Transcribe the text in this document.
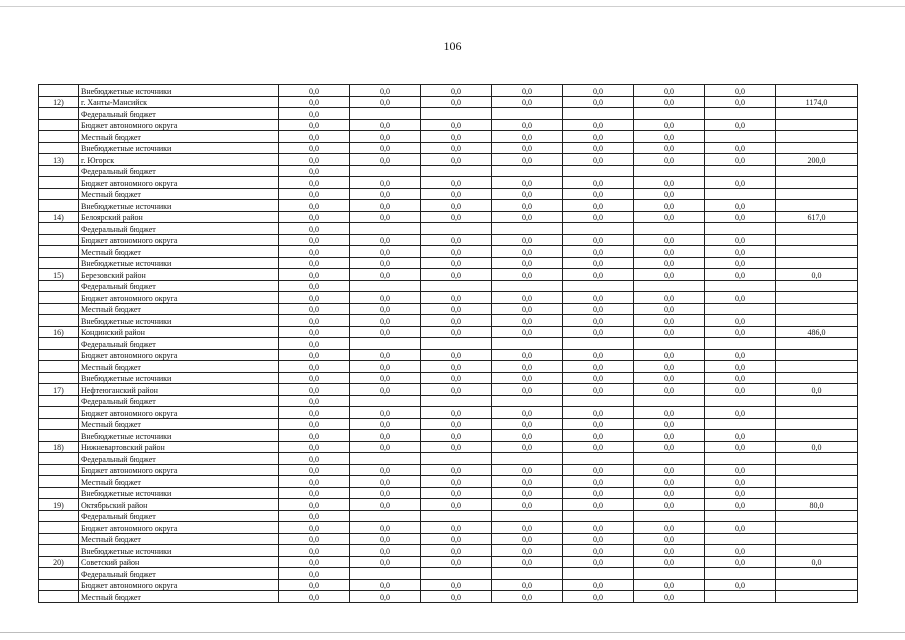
106
	Внебюджетные источники	0,0	0,0	0,0	0,0	0,0	0,0	0,0	
12)	г. Ханты-Мансийск	0,0	0,0	0,0	0,0	0,0	0,0	0,0	1174,0
	Федеральный бюджет	0,0							
	Бюджет автономного округа	0,0	0,0	0,0	0,0	0,0	0,0	0,0	
	Местный бюджет	0,0	0,0	0,0	0,0	0,0	0,0		
	Внебюджетные источники	0,0	0,0	0,0	0,0	0,0	0,0	0,0	
13)	г. Югорск	0,0	0,0	0,0	0,0	0,0	0,0	0,0	200,0
	Федеральный бюджет	0,0							
	Бюджет автономного округа	0,0	0,0	0,0	0,0	0,0	0,0	0,0	
	Местный бюджет	0,0	0,0	0,0	0,0	0,0	0,0		
	Внебюджетные источники	0,0	0,0	0,0	0,0	0,0	0,0	0,0	
14)	Белоярский район	0,0	0,0	0,0	0,0	0,0	0,0	0,0	617,0
	Федеральный бюджет	0,0							
	Бюджет автономного округа	0,0	0,0	0,0	0,0	0,0	0,0	0,0	
	Местный бюджет	0,0	0,0	0,0	0,0	0,0	0,0	0,0	
	Внебюджетные источники	0,0	0,0	0,0	0,0	0,0	0,0	0,0	
15)	Березовский район	0,0	0,0	0,0	0,0	0,0	0,0	0,0	0,0
	Федеральный бюджет	0,0							
	Бюджет автономного округа	0,0	0,0	0,0	0,0	0,0	0,0	0,0	
	Местный бюджет	0,0	0,0	0,0	0,0	0,0	0,0		
	Внебюджетные источники	0,0	0,0	0,0	0,0	0,0	0,0	0,0	
16)	Кондинский район	0,0	0,0	0,0	0,0	0,0	0,0	0,0	486,0
	Федеральный бюджет	0,0							
	Бюджет автономного округа	0,0	0,0	0,0	0,0	0,0	0,0	0,0	
	Местный бюджет	0,0	0,0	0,0	0,0	0,0	0,0	0,0	
	Внебюджетные источники	0,0	0,0	0,0	0,0	0,0	0,0	0,0	
17)	Нефтеюганский район	0,0	0,0	0,0	0,0	0,0	0,0	0,0	0,0
	Федеральный бюджет	0,0							
	Бюджет автономного округа	0,0	0,0	0,0	0,0	0,0	0,0	0,0	
	Местный бюджет	0,0	0,0	0,0	0,0	0,0	0,0		
	Внебюджетные источники	0,0	0,0	0,0	0,0	0,0	0,0	0,0	
18)	Нижневартовский район	0,0	0,0	0,0	0,0	0,0	0,0	0,0	0,0
	Федеральный бюджет	0,0							
	Бюджет автономного округа	0,0	0,0	0,0	0,0	0,0	0,0	0,0	
	Местный бюджет	0,0	0,0	0,0	0,0	0,0	0,0	0,0	
	Внебюджетные источники	0,0	0,0	0,0	0,0	0,0	0,0	0,0	
19)	Октябрьский район	0,0	0,0	0,0	0,0	0,0	0,0	0,0	80,0
	Федеральный бюджет	0,0							
	Бюджет автономного округа	0,0	0,0	0,0	0,0	0,0	0,0	0,0	
	Местный бюджет	0,0	0,0	0,0	0,0	0,0	0,0		
	Внебюджетные источники	0,0	0,0	0,0	0,0	0,0	0,0	0,0	
20)	Советский район	0,0	0,0	0,0	0,0	0,0	0,0	0,0	0,0
	Федеральный бюджет	0,0							
	Бюджет автономного округа	0,0	0,0	0,0	0,0	0,0	0,0	0,0	
	Местный бюджет	0,0	0,0	0,0	0,0	0,0	0,0		
